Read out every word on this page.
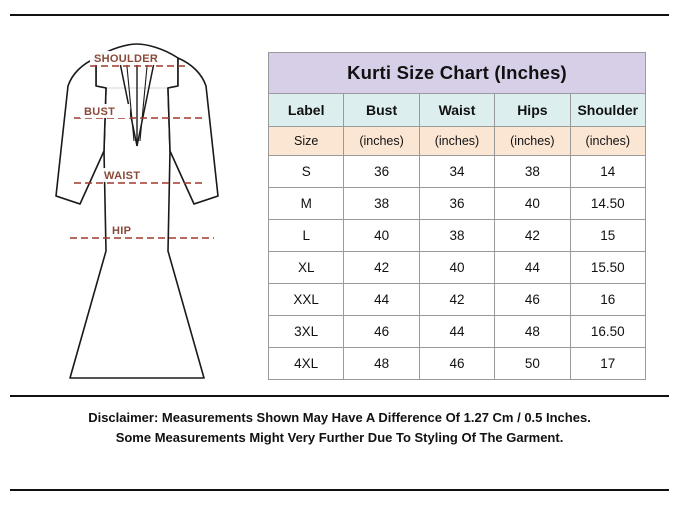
SHOULDER
BUST
WAIST
HIP
Kurti Size Chart (Inches)				
Label	Bust	Waist	Hips	Shoulder
Size	(inches)	(inches)	(inches)	(inches)
S	36	34	38	14
M	38	36	40	14.50
L	40	38	42	15
XL	42	40	44	15.50
XXL	44	42	46	16
3XL	46	44	48	16.50
4XL	48	46	50	17
Disclaimer: Measurements Shown May Have A Difference Of 1.27 Cm / 0.5 Inches.
Some Measurements Might Very Further Due To Styling Of The Garment.
